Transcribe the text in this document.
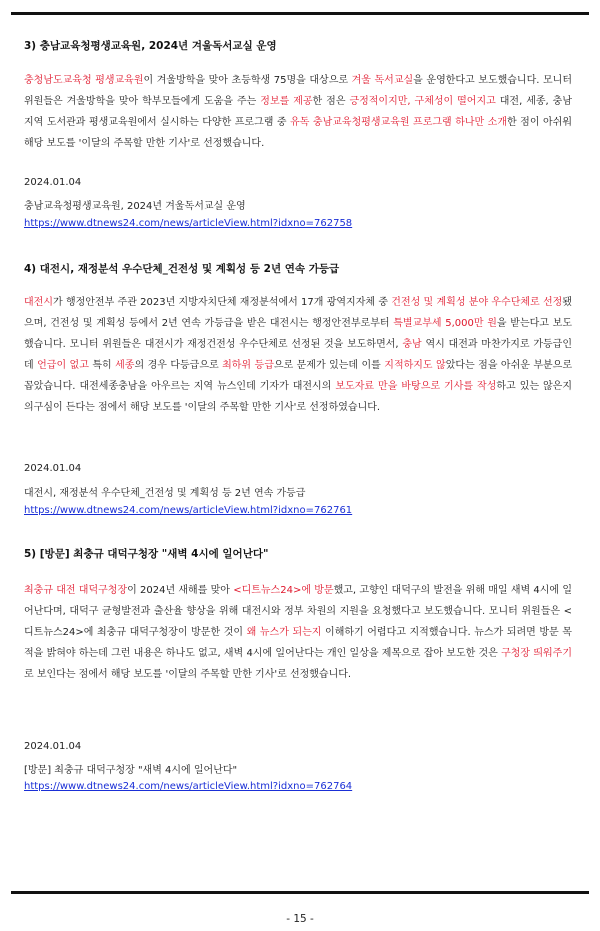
3) 충남교육청평생교육원, 2024년 겨울독서교실 운영
충청남도교육청 평생교육원이 겨울방학을 맞아 초등학생 75명을 대상으로 겨울 독서교실을 운영한다고 보도했습니다. 모니터 위원들은 겨울방학을 맞아 학부모들에게 도움을 주는 정보를 제공한 점은 긍정적이지만, 구체성이 떨어지고 대전, 세종, 충남 지역 도서관과 평생교육원에서 실시하는 다양한 프로그램 중 유독 충남교육청평생교육원 프로그램 하나만 소개한 점이 아쉬워 해당 보도를 '이달의 주목할 만한 기사'로 선정했습니다.
2024.01.04
충남교육청평생교육원, 2024년 겨울독서교실 운영
https://www.dtnews24.com/news/articleView.html?idxno=762758
4) 대전시, 재정분석 우수단체_건전성 및 계획성 등 2년 연속 가등급
대전시가 행정안전부 주관 2023년 지방자치단체 재정분석에서 17개 광역지자체 중 건전성 및 계획성 분야 우수단체로 선정됐으며, 건전성 및 계획성 등에서 2년 연속 가등급을 받은 대전시는 행정안전부로부터 특별교부세 5,000만 원을 받는다고 보도했습니다. 모니터 위원들은 대전시가 재정건전성 우수단체로 선정된 것을 보도하면서, 충남 역시 대전과 마찬가지로 가등급인데 언급이 없고 특히 세종의 경우 다등급으로 최하위 등급으로 문제가 있는데 이를 지적하지도 않았다는 점을 아쉬운 부분으로 꼽았습니다. 대전세종충남을 아우르는 지역 뉴스인데 기자가 대전시의 보도자료 만을 바탕으로 기사를 작성하고 있는 않은지 의구심이 든다는 점에서 해당 보도를 '이달의 주목할 만한 기사'로 선정하였습니다.
2024.01.04
대전시, 재정분석 우수단체_건전성 및 계획성 등 2년 연속 가등급
https://www.dtnews24.com/news/articleView.html?idxno=762761
5) [방문] 최충규 대덕구청장 "새벽 4시에 일어난다"
최충규 대전 대덕구청장이 2024년 새해를 맞아 <디트뉴스24>에 방문했고, 고향인 대덕구의 발전을 위해 매일 새벽 4시에 일어난다며, 대덕구 균형발전과 출산율 향상을 위해 대전시와 정부 차원의 지원을 요청했다고 보도했습니다. 모니터 위원들은 <디트뉴스24>에 최충규 대덕구청장이 방문한 것이 왜 뉴스가 되는지 이해하기 어렵다고 지적했습니다. 뉴스가 되려면 방문 목적을 밝혀야 하는데 그런 내용은 하나도 없고, 새벽 4시에 일어난다는 개인 일상을 제목으로 잡아 보도한 것은 구청장 띄워주기로 보인다는 점에서 해당 보도를 '이달의 주목할 만한 기사'로 선정했습니다.
2024.01.04
[방문] 최충규 대덕구청장 "새벽 4시에 일어난다"
https://www.dtnews24.com/news/articleView.html?idxno=762764
- 15 -
